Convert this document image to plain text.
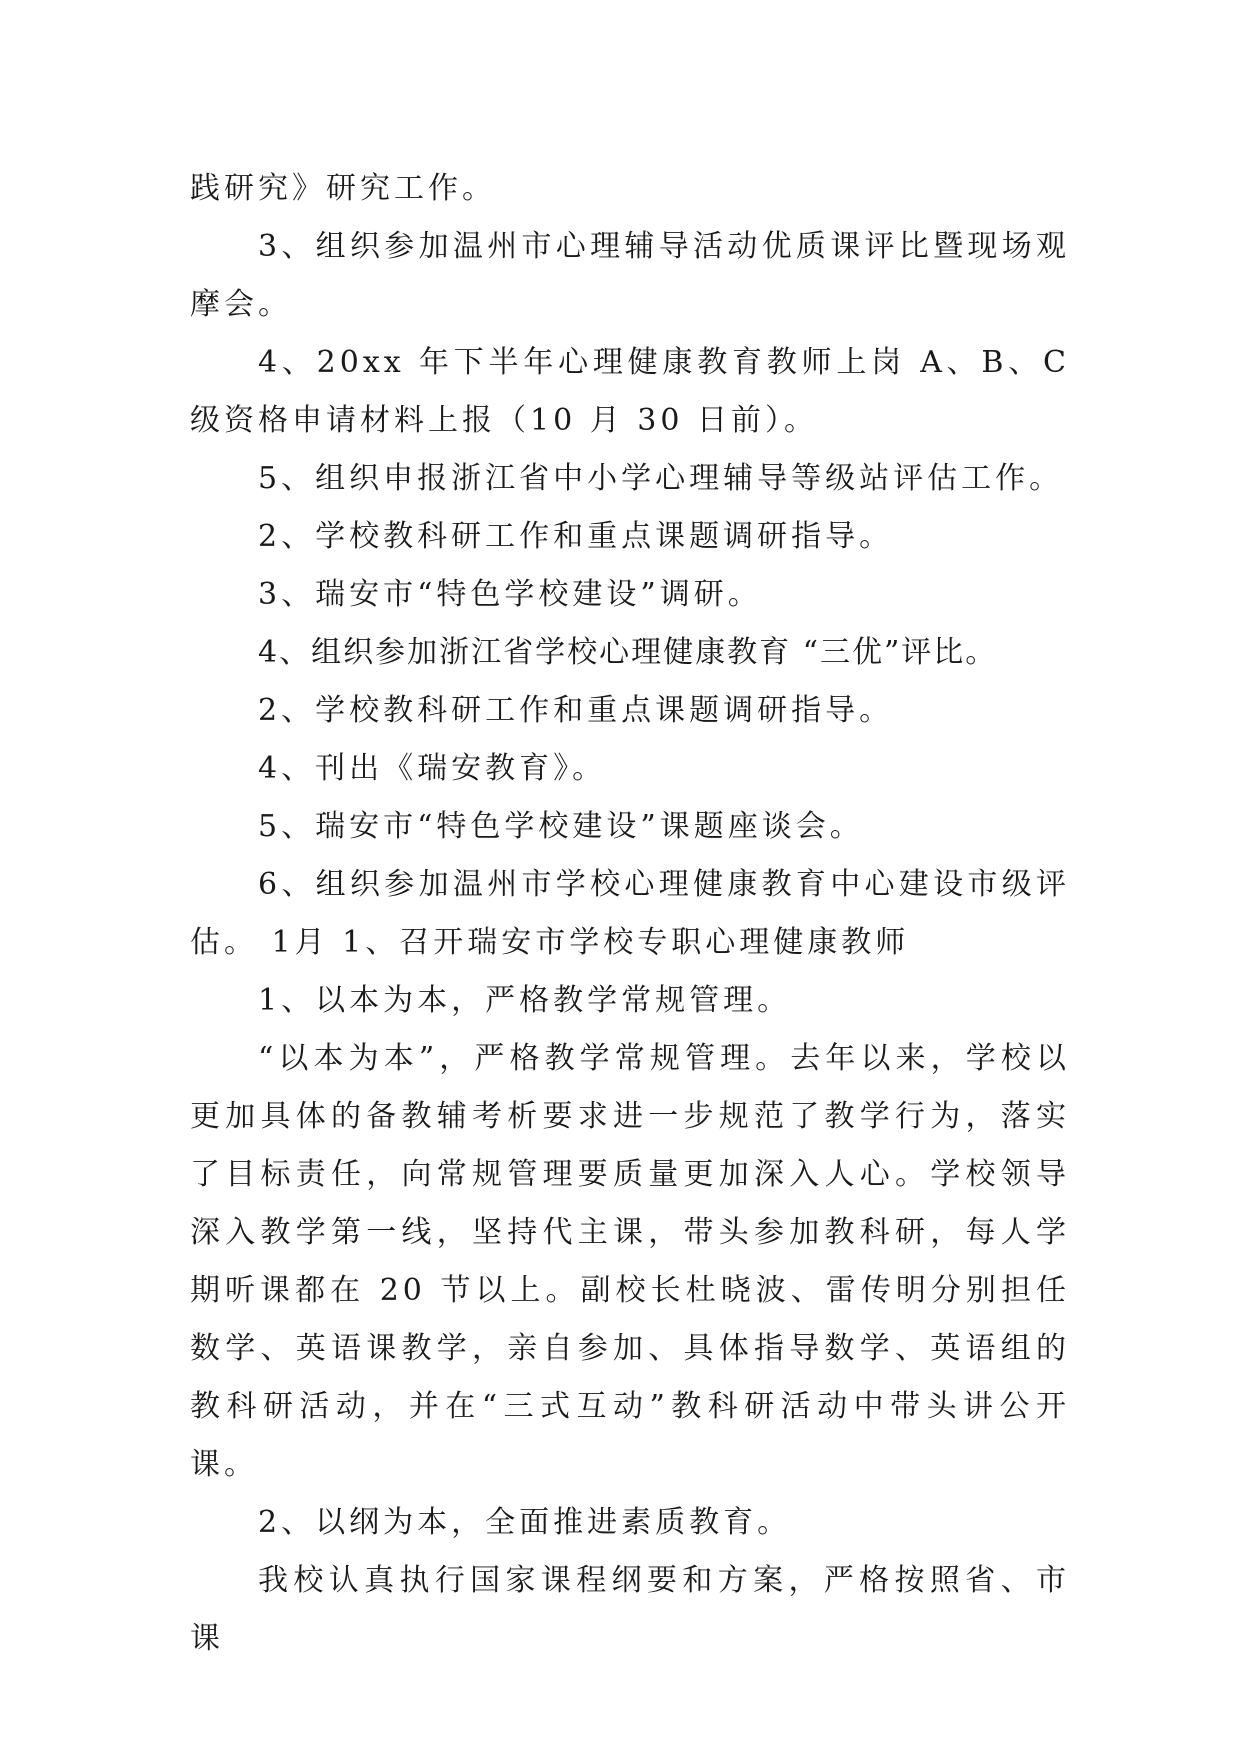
践研究》研究工作。

3、组织参加温州市心理辅导活动优质课评比暨现场观摩会。

4、20xx 年下半年心理健康教育教师上岗 A、B、C 级资格申请材料上报（10 月 30 日前）。

5、组织申报浙江省中小学心理辅导等级站评估工作。

2、学校教科研工作和重点课题调研指导。

3、瑞安市“特色学校建设”调研。

4、组织参加浙江省学校心理健康教育 “三优”评比。

2、学校教科研工作和重点课题调研指导。

4、刊出《瑞安教育》。

5、瑞安市“特色学校建设”课题座谈会。

6、组织参加温州市学校心理健康教育中心建设市级评估。 1月 1、召开瑞安市学校专职心理健康教师

1、以本为本，严格教学常规管理。

“以本为本”，严格教学常规管理。去年以来，学校以更加具体的备教辅考析要求进一步规范了教学行为，落实了目标责任，向常规管理要质量更加深入人心。学校领导深入教学第一线，坚持代主课，带头参加教科研，每人学期听课都在 20 节以上。副校长杜晓波、雷传明分别担任数学、英语课教学，亲自参加、具体指导数学、英语组的教科研活动，并在“三式互动”教科研活动中带头讲公开课。

2、以纲为本，全面推进素质教育。

我校认真执行国家课程纲要和方案，严格按照省、市课
